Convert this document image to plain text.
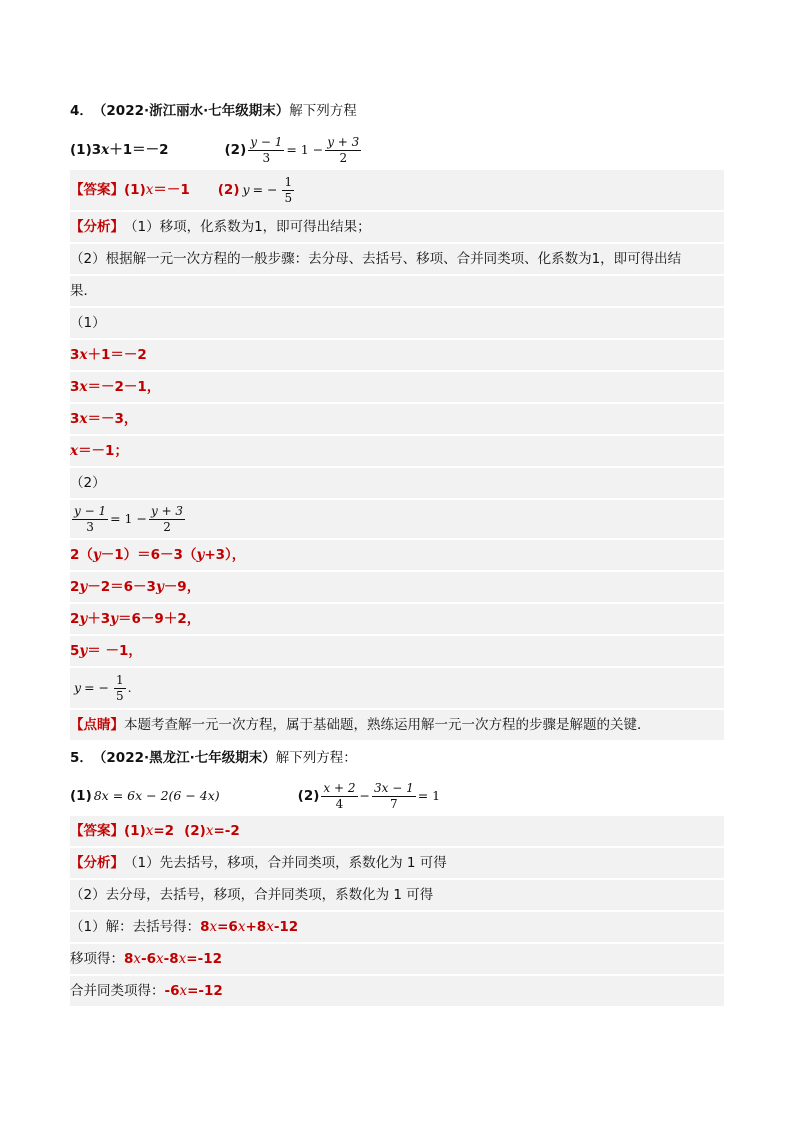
4． （2022·浙江丽水·七年级期末） 解下列方程
(1) 3 x ＋1＝－2	$(2) \frac{y - 1}{3} = 1 - \frac{y + 3}{2}$
【答案】 (1) x ＝－1 (2) y = − $\frac{1}{5}$
【分析】 （1）移项，化系数为1，即可得出结果；
（2）根据解一元一次方程的一般步骤：去分母、去括号、移项、合并同类项、化系数为1，即可得出结
果．
（1）
3 x ＋1＝－2
3 x ＝－2－1，
3 x ＝－3，
x ＝－1；
（2）
$\frac{y - 1}{3} = 1 - \frac{y + 3}{2}$
2（ y －1）＝6－3（ y +3），
2 y －2＝6－3 y －9，
2 y ＋3 y ＝6－9＋2，
5 y ＝ －1，
y = − $\frac{1}{5}$ .
【点睛】 本题考查解一元一次方程，属于基础题，熟练运用解一元一次方程的步骤是解题的关键．
5． （2022·黑龙江·七年级期末） 解下列方程：
(1) 8x = 6x − 2(6 − 4x)	$(2) \frac{x + 2}{4} - \frac{3x - 1}{7} = 1$
【答案】 (1) x =2 (2) x =-2
【分析】 （1）先去括号，移项，合并同类项，系数化为 1 可得
（2）去分母，去括号，移项，合并同类项，系数化为 1 可得
（1）解：去括号得： 8 x =6 x +8 x -12
移项得： 8 x -6 x -8 x =-12
合并同类项得： -6 x =-12
